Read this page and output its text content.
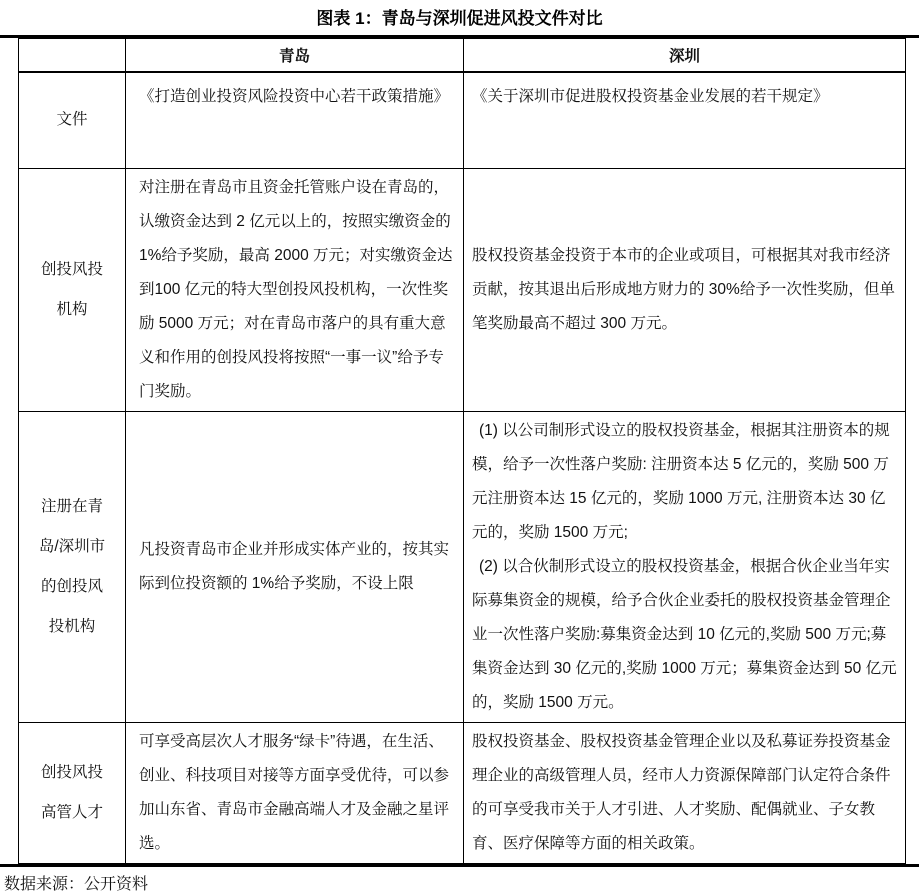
图表 1：青岛与深圳促进风投文件对比
	青岛	深圳
文件	《打造创业投资风险投资中心若干政策措施》	《关于深圳市促进股权投资基金业发展的若干规定》
创投风投机构	对注册在青岛市且资金托管账户设在青岛的，认缴资金达到 2 亿元以上的，按照实缴资金的 1%给予奖励，最高 2000 万元；对实缴资金达到100 亿元的特大型创投风投机构，一次性奖励 5000 万元；对在青岛市落户的具有重大意义和作用的创投风投将按照“一事一议”给予专门奖励。	股权投资基金投资于本市的企业或项目，可根据其对我市经济贡献，按其退出后形成地方财力的 30%给予一次性奖励，但单笔奖励最高不超过 300 万元。
注册在青岛/深圳市的创投风投机构	凡投资青岛市企业并形成实体产业的，按其实际到位投资额的 1%给予奖励，不设上限	(1) 以公司制形式设立的股权投资基金，根据其注册资本的规模，给予一次性落户奖励: 注册资本达 5 亿元的，奖励 500 万元注册资本达 15 亿元的，奖励 1000 万元, 注册资本达 30 亿元的，奖励 1500 万元;

(2) 以合伙制形式设立的股权投资基金，根据合伙企业当年实际募集资金的规模，给予合伙企业委托的股权投资基金管理企业一次性落户奖励:募集资金达到 10 亿元的,奖励 500 万元;募集资金达到 30 亿元的,奖励 1000 万元；募集资金达到 50 亿元的，奖励 1500 万元。

创投风投高管人才	可享受高层次人才服务“绿卡”待遇，在生活、创业、科技项目对接等方面享受优待，可以参加山东省、青岛市金融高端人才及金融之星评选。	股权投资基金、股权投资基金管理企业以及私募证券投资基金理企业的高级管理人员，经市人力资源保障部门认定符合条件的可享受我市关于人才引进、人才奖励、配偶就业、子女教育、医疗保障等方面的相关政策。
数据来源：公开资料
